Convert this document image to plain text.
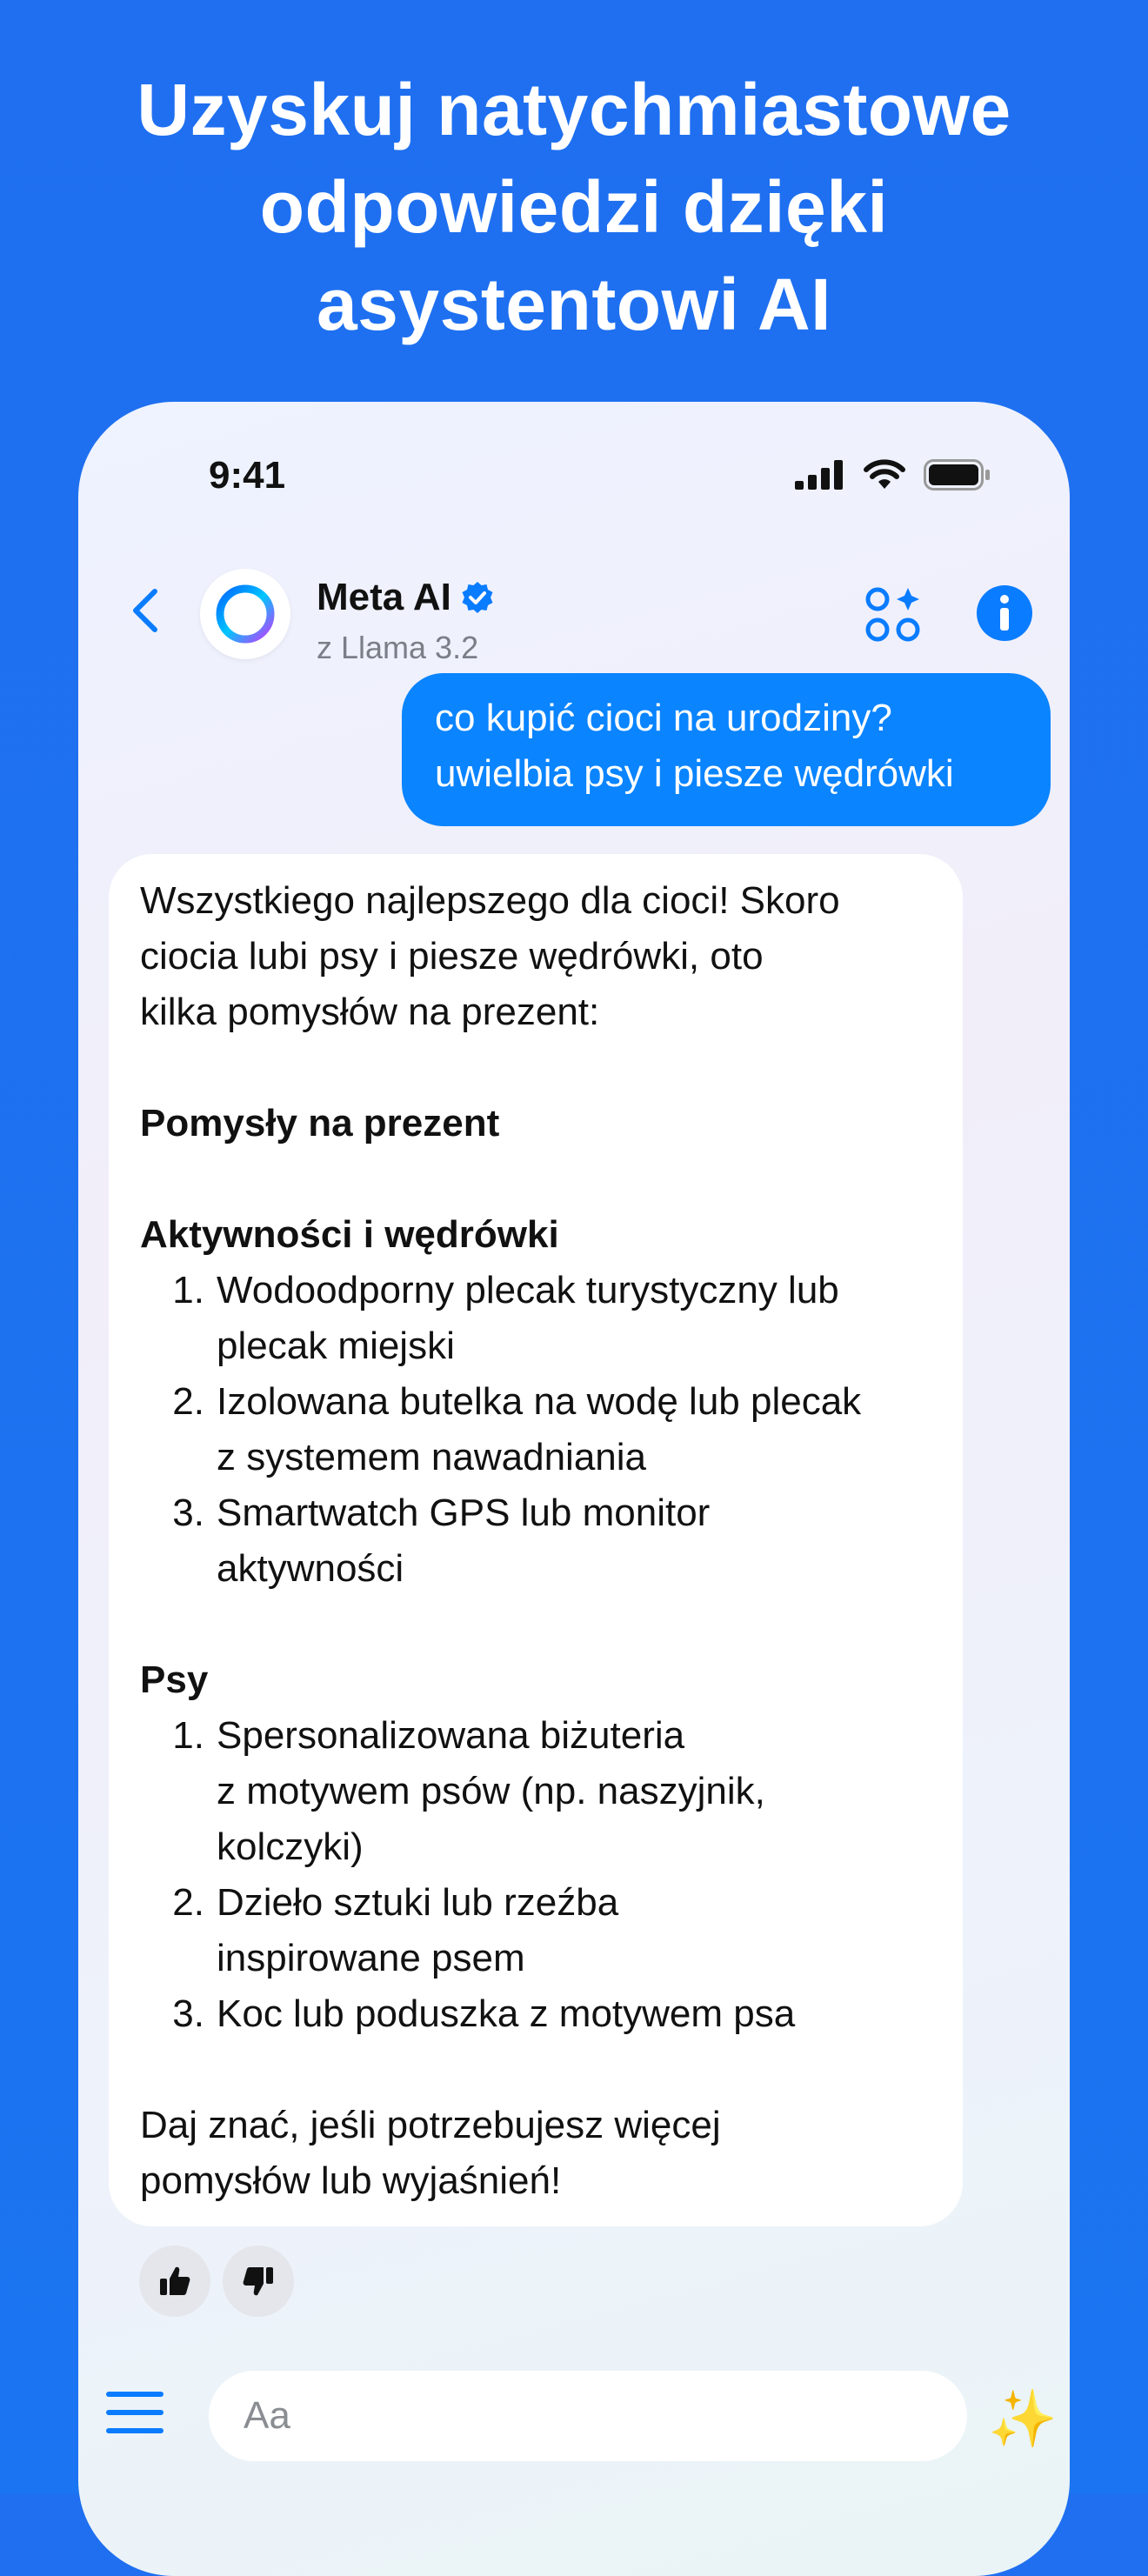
Uzyskuj natychmiastowe
odpowiedzi dzięki
asystentowi AI
9:41
Meta AI
z Llama 3.2
co kupić cioci na urodziny?
uwielbia psy i piesze wędrówki

Wszystkiego najlepszego dla cioci! Skoro

ciocia lubi psy i piesze wędrówki, oto

kilka pomysłów na prezent:

Pomysły na prezent

Aktywności i wędrówki

1. Wodoodporny plecak turystyczny lub
plecak miejski
2. Izolowana butelka na wodę lub plecak
z systemem nawadniania
3. Smartwatch GPS lub monitor
aktywności

Psy

1. Spersonalizowana biżuteria
z motywem psów (np. naszyjnik,
kolczyki)
2. Dzieło sztuki lub rzeźba
inspirowane psem
3. Koc lub poduszka z motywem psa

Daj znać, jeśli potrzebujesz więcej

pomysłów lub wyjaśnień!

Aa
✨
